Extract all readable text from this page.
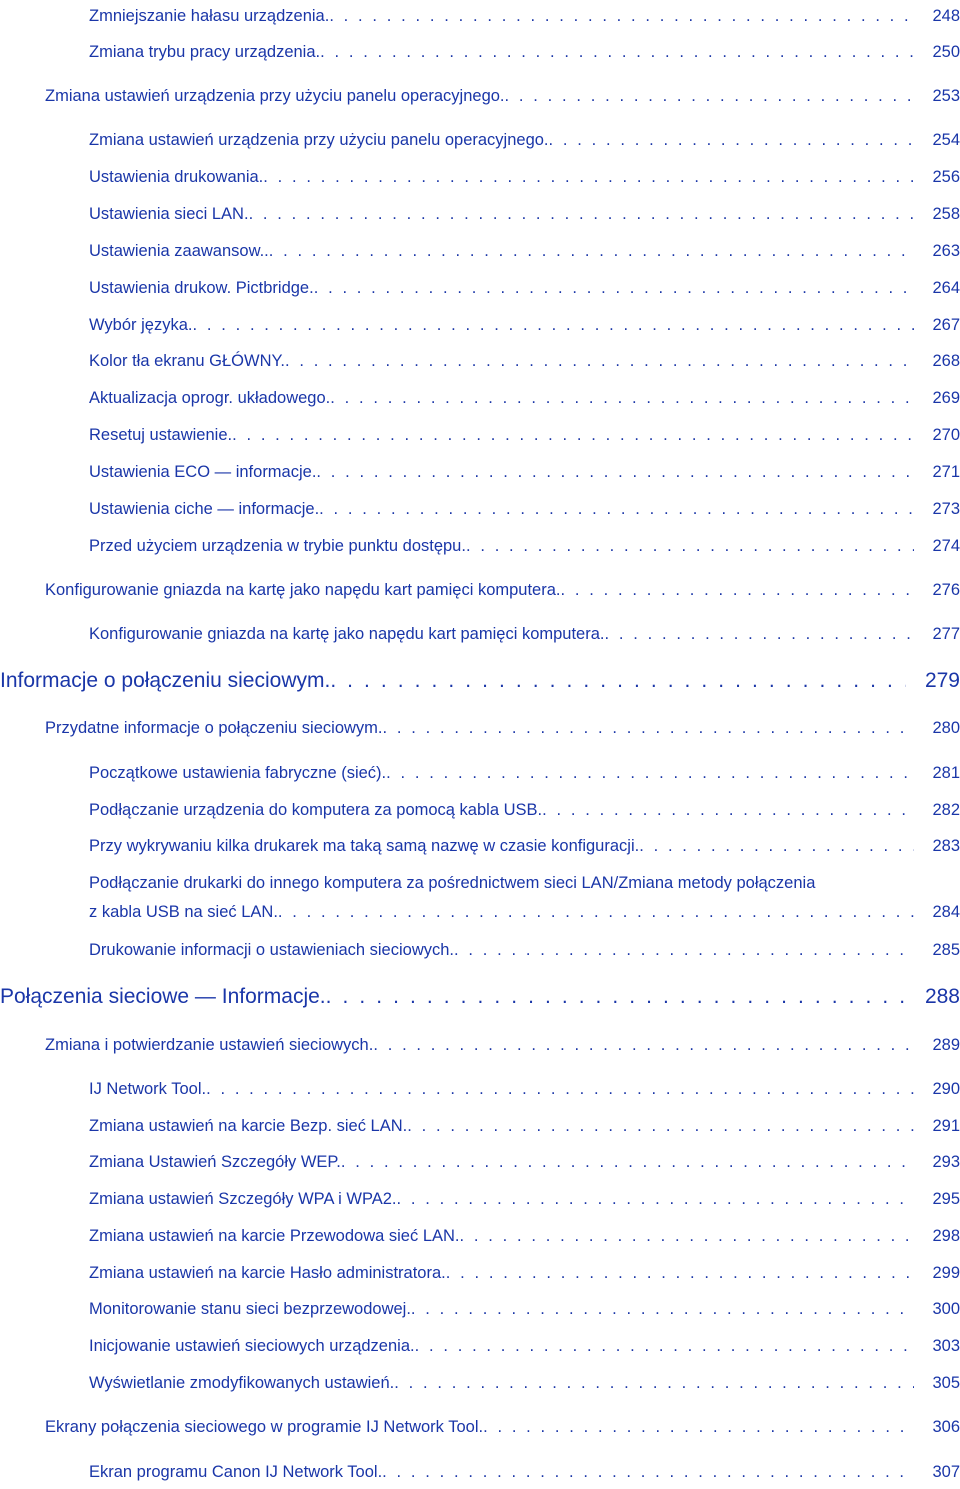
Zmniejszanie hałasu urządzenia. . . .	248
Zmiana trybu pracy urządzenia. . . .	250
Zmiana ustawień urządzenia przy użyciu panelu operacyjnego. . . .	253
Zmiana ustawień urządzenia przy użyciu panelu operacyjnego. . . .	254
Ustawienia drukowania. . . .	256
Ustawienia sieci LAN. . . .	258
Ustawienia zaawansow.. . . .	263
Ustawienia drukow. Pictbridge. . . .	264
Wybór języka. . . .	267
Kolor tła ekranu GŁÓWNY. . . .	268
Aktualizacja oprogr. układowego. . . .	269
Resetuj ustawienie. . . .	270
Ustawienia ECO — informacje. . . .	271
Ustawienia ciche — informacje. . . .	273
Przed użyciem urządzenia w trybie punktu dostępu. . . .	274
Konfigurowanie gniazda na kartę jako napędu kart pamięci komputera. . . .	276
Konfigurowanie gniazda na kartę jako napędu kart pamięci komputera. . . .	277
Informacje o połączeniu sieciowym. . . .	279
Przydatne informacje o połączeniu sieciowym. . . .	280
Początkowe ustawienia fabryczne (sieć). . . .	281
Podłączanie urządzenia do komputera za pomocą kabla USB. . . .	282
Przy wykrywaniu kilka drukarek ma taką samą nazwę w czasie konfiguracji. . . .	283
Podłączanie drukarki do innego komputera za pośrednictwem sieci LAN/Zmiana metody połączenia
z kabla USB na sieć LAN. . . .	284
Drukowanie informacji o ustawieniach sieciowych. . . .	285
Połączenia sieciowe — Informacje. . . .	288
Zmiana i potwierdzanie ustawień sieciowych. . . .	289
IJ Network Tool. . . .	290
Zmiana ustawień na karcie Bezp. sieć LAN. . . .	291
Zmiana Ustawień Szczegóły WEP. . . .	293
Zmiana ustawień Szczegóły WPA i WPA2. . . .	295
Zmiana ustawień na karcie Przewodowa sieć LAN. . . .	298
Zmiana ustawień na karcie Hasło administratora. . . .	299
Monitorowanie stanu sieci bezprzewodowej. . . .	300
Inicjowanie ustawień sieciowych urządzenia. . . .	303
Wyświetlanie zmodyfikowanych ustawień. . . .	305
Ekrany połączenia sieciowego w programie IJ Network Tool. . . .	306
Ekran programu Canon IJ Network Tool. . . .	307
